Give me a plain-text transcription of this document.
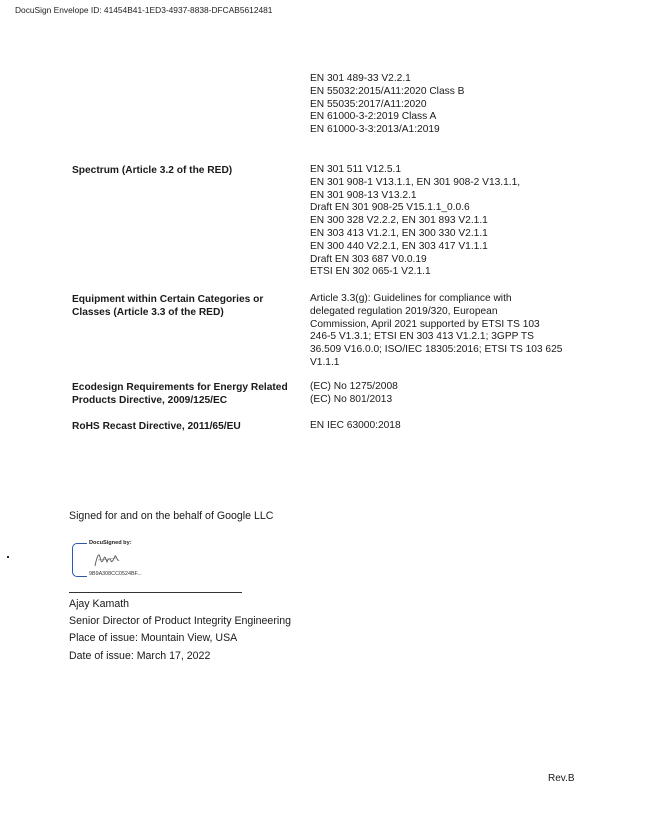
DocuSign Envelope ID: 41454B41-1ED3-4937-8838-DFCAB5612481
EN 301 489-33 V2.2.1
EN 55032:2015/A11:2020 Class B
EN 55035:2017/A11:2020
EN 61000-3-2:2019 Class A
EN 61000-3-3:2013/A1:2019
Spectrum (Article 3.2 of the RED)	EN 301 511 V12.5.1
EN 301 908-1 V13.1.1, EN 301 908-2 V13.1.1,
EN 301 908-13 V13.2.1
Draft EN 301 908-25 V15.1.1_0.0.6
EN 300 328 V2.2.2, EN 301 893 V2.1.1
EN 303 413 V1.2.1, EN 300 330 V2.1.1
EN 300 440 V2.2.1, EN 303 417 V1.1.1
Draft EN 303 687 V0.0.19
ETSI EN 302 065-1 V2.1.1
Equipment within Certain Categories or
Classes (Article 3.3 of the RED)
Article 3.3(g): Guidelines for compliance with
delegated regulation 2019/320, European
Commission, April 2021 supported by ETSI TS 103
246-5 V1.3.1; ETSI EN 303 413 V1.2.1; 3GPP TS
36.509 V16.0.0; ISO/IEC 18305:2016; ETSI TS 103 625
V1.1.1
Ecodesign Requirements for Energy Related
Products Directive, 2009/125/EC
(EC) No 1275/2008
(EC) No 801/2013
RoHS Recast Directive, 2011/65/EU	EN IEC 63000:2018
Signed for and on the behalf of Google LLC
DocuSigned by:
9B9A308CC0524BF...
Ajay Kamath
Senior Director of Product Integrity Engineering
Place of issue: Mountain View, USA
Date of issue: March 17, 2022
Rev.B
